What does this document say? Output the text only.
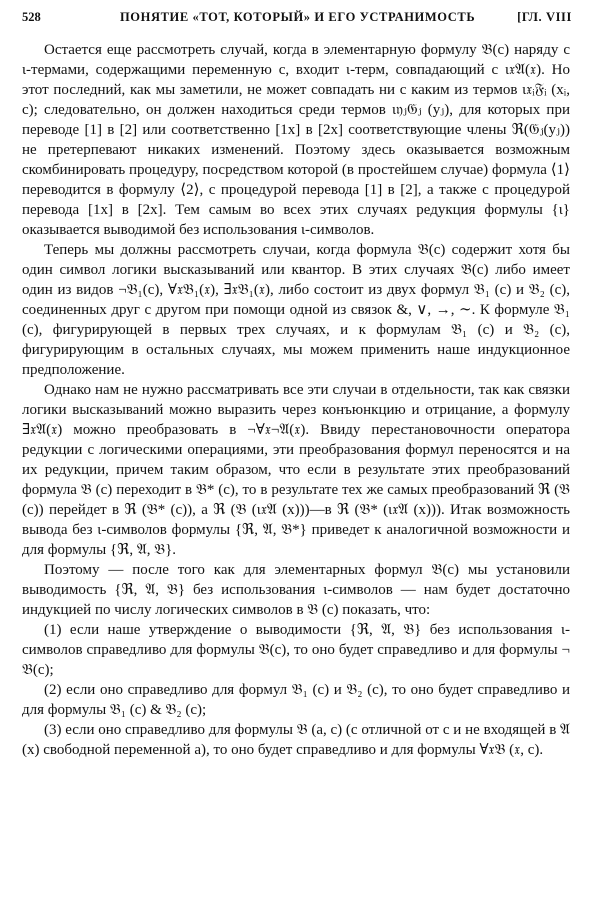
528	ПОНЯТИЕ «ТОТ, КОТОРЫЙ» И ЕГО УСТРАНИМОСТЬ	[ГЛ. VIII

Остается еще рассмотреть случай, когда в элементарную формулу 𝔅(c) наряду с ι-термами, содержащими переменную c, входит ι-терм, совпадающий с ι𝔵𝔄(𝔵). Но этот последний, как мы заметили, не может совпадать ни с каким из термов ι𝔵ᵢ𝔉ᵢ (xᵢ, c); следовательно, он должен находиться среди термов ι𝔶ⱼ𝔊ⱼ (yⱼ), для которых при переводе [1] в [2] или соответственно [1x] в [2x] соответствующие члены ℜ(𝔊ⱼ(yⱼ)) не претерпевают никаких изменений. Поэтому здесь оказывается возможным скомбинировать процедуру, посредством которой (в простейшем случае) формула ⟨1⟩ переводится в формулу ⟨2⟩, с процедурой перевода [1] в [2], а также с процедурой перевода [1x] в [2x]. Тем самым во всех этих случаях редукция формулы {ι} оказывается выводимой без использования ι-символов.

Теперь мы должны рассмотреть случаи, когда формула 𝔅(c) содержит хотя бы один символ логики высказываний или квантор. В этих случаях 𝔅(c) либо имеет один из видов ¬𝔅₁(c), ∀𝔵𝔅₁(𝔵), ∃𝔵𝔅₁(𝔵), либо состоит из двух формул 𝔅₁ (c) и 𝔅₂ (c), соединенных друг с другом при помощи одной из связок &, ∨, →, ∼. К формуле 𝔅₁ (c), фигурирующей в первых трех случаях, и к формулам 𝔅₁ (c) и 𝔅₂ (c), фигурирующим в остальных случаях, мы можем применить наше индукционное предположение.

Однако нам не нужно рассматривать все эти случаи в отдельности, так как связки логики высказываний можно выразить через конъюнкцию и отрицание, а формулу ∃𝔵𝔄(𝔵) можно преобразовать в ¬∀𝔵¬𝔄(𝔵). Ввиду перестановочности оператора редукции с логическими операциями, эти преобразования формул переносятся и на их редукции, причем таким образом, что если в результате этих преобразований формула 𝔅 (c) переходит в 𝔅* (c), то в результате тех же самых преобразований ℜ (𝔅 (c)) перейдет в ℜ (𝔅* (c)), а ℜ (𝔅 (ι𝔵𝔄 (x)))—в ℜ (𝔅* (ι𝔵𝔄 (x))). Итак возможность вывода без ι-символов формулы {ℜ, 𝔄, 𝔅*} приведет к аналогичной возможности и для формулы {ℜ, 𝔄, 𝔅}.

Поэтому — после того как для элементарных формул 𝔅(c) мы установили выводимость {ℜ, 𝔄, 𝔅} без использования ι-символов — нам будет достаточно индукцией по числу логических символов в 𝔅 (c) показать, что:

(1) если наше утверждение о выводимости {ℜ, 𝔄, 𝔅} без использования ι-символов справедливо для формулы 𝔅(c), то оно будет справедливо и для формулы ¬ 𝔅(c);

(2) если оно справедливо для формул 𝔅₁ (c) и 𝔅₂ (c), то оно будет справедливо и для формулы 𝔅₁ (c) & 𝔅₂ (c);

(3) если оно справедливо для формулы 𝔅 (a, c) (с отличной от c и не входящей в 𝔄 (x) свободной переменной a), то оно будет справедливо и для формулы ∀𝔵𝔅 (𝔵, c).
